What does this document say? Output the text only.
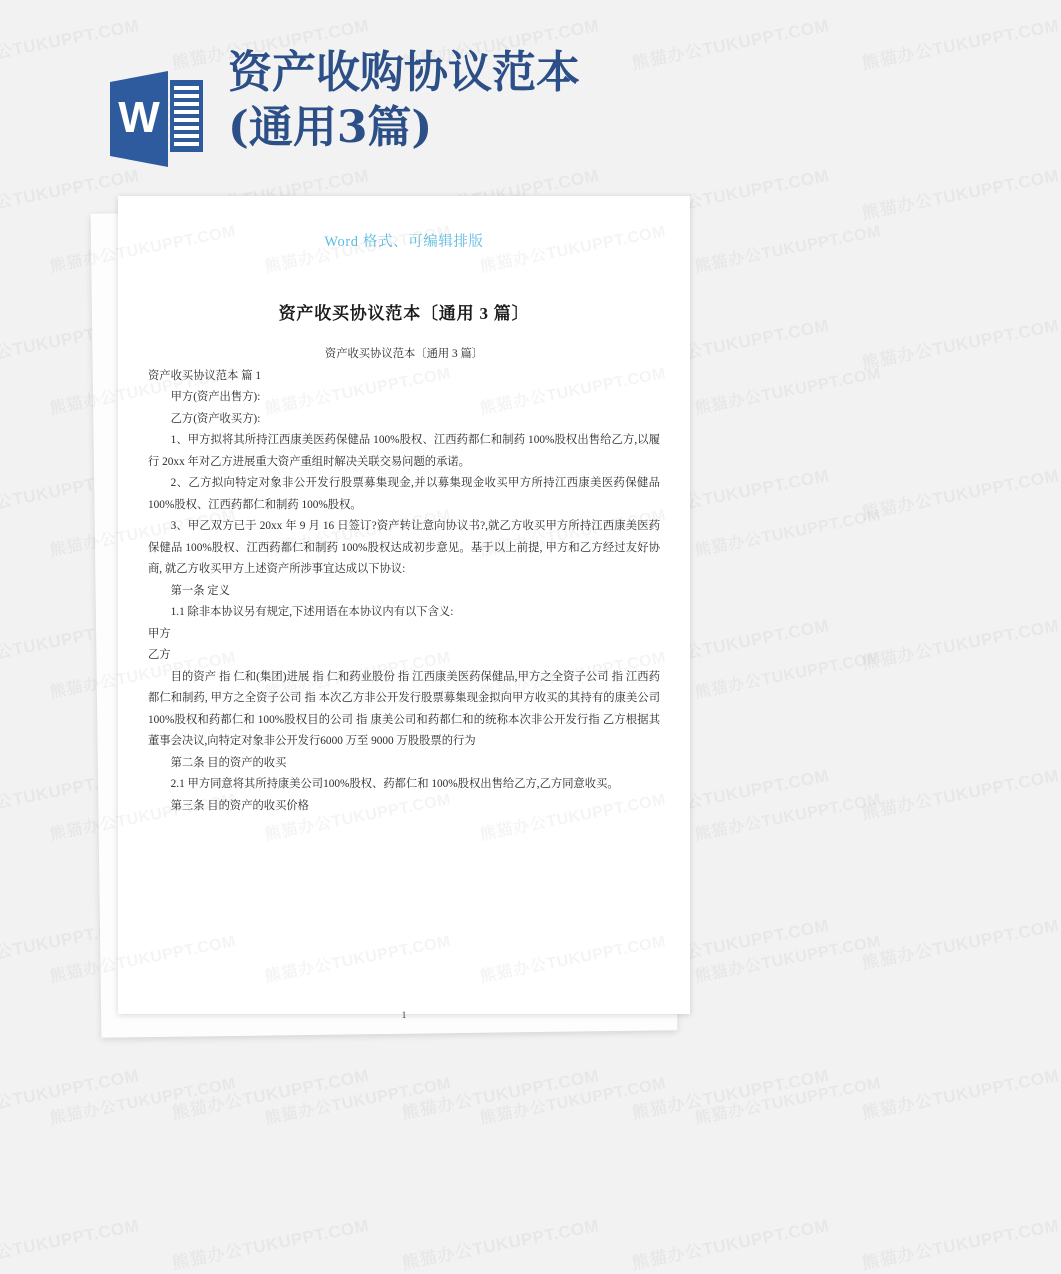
W
资产收购协议范本
(通用3篇)
Word 格式、可编辑排版
资产收买协议范本〔通用 3 篇〕

资产收买协议范本〔通用 3 篇〕

资产收买协议范本 篇 1

甲方(资产出售方):

乙方(资产收买方):

1、甲方拟将其所持江西康美医药保健品 100%股权、江西药都仁和制药 100%股权出售给乙方,以履行 20xx 年对乙方进展重大资产重组时解决关联交易问题的承诺。

2、乙方拟向特定对象非公开发行股票募集现金,并以募集现金收买甲方所持江西康美医药保健品 100%股权、江西药都仁和制药 100%股权。

3、甲乙双方已于 20xx 年 9 月 16 日签订?资产转让意向协议书?,就乙方收买甲方所持江西康美医药保健品 100%股权、江西药都仁和制药 100%股权达成初步意见。基于以上前提, 甲方和乙方经过友好协商, 就乙方收买甲方上述资产所涉事宜达成以下协议:

第一条 定义

1.1 除非本协议另有规定,下述用语在本协议内有以下含义:

甲方

乙方

目的资产 指 仁和(集团)进展 指 仁和药业股份 指 江西康美医药保健品,甲方之全资子公司 指 江西药都仁和制药, 甲方之全资子公司 指 本次乙方非公开发行股票募集现金拟向甲方收买的其持有的康美公司100%股权和药都仁和 100%股权目的公司 指 康美公司和药都仁和的统称本次非公开发行指 乙方根据其董事会决议,向特定对象非公开发行6000 万至 9000 万股股票的行为

第二条 目的资产的收买

2.1 甲方同意将其所持康美公司100%股权、药都仁和 100%股权出售给乙方,乙方同意收买。

第三条 目的资产的收买价格

1
